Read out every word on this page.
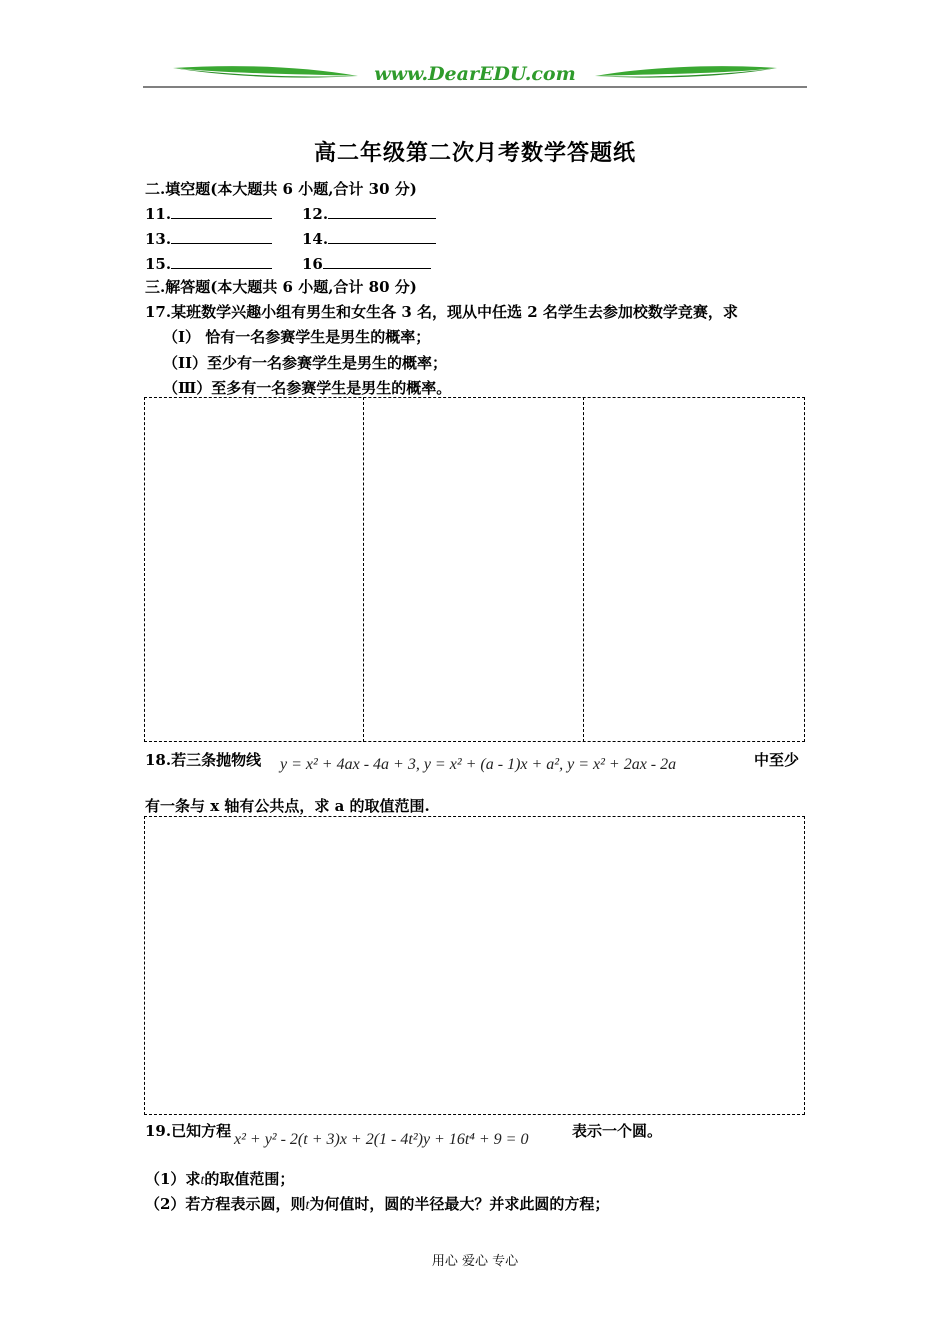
www.DearEDU.com
高二年级第二次月考数学答题纸
二.填空题(本大题共 6 小题,合计 30 分)
11.	12.
13.	14.
15.	16
三.解答题(本大题共 6 小题,合计 80 分)
17.某班数学兴趣小组有男生和女生各 3 名，现从中任选 2 名学生去参加校数学竞赛，求
（I） 恰有一名参赛学生是男生的概率；
（II）至少有一名参赛学生是男生的概率；
（Ⅲ）至多有一名参赛学生是男生的概率。
18.若三条抛物线 y = x² + 4ax - 4a + 3, y = x² + (a - 1)x + a², y = x² + 2ax - 2a	中至少
有一条与 x 轴有公共点，求 a 的取值范围.
19.已知方程 x² + y² - 2(t + 3)x + 2(1 - 4t²)y + 16t⁴ + 9 = 0	表示一个圆。
（1）求t的取值范围；
（2）若方程表示圆，则t为何值时，圆的半径最大？并求此圆的方程；
用心 爱心 专心
